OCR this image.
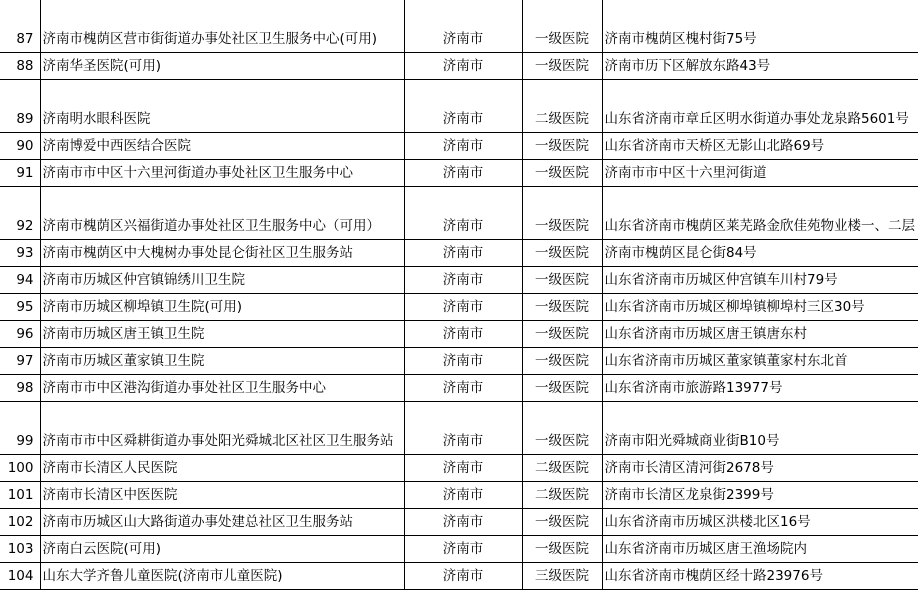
87	济南市槐荫区营市街街道办事处社区卫生服务中心(可用)	济南市	一级医院	济南市槐荫区槐村街75号
88	济南华圣医院(可用)	济南市	一级医院	济南市历下区解放东路43号
89	济南明水眼科医院	济南市	二级医院	山东省济南市章丘区明水街道办事处龙泉路5601号
90	济南博爱中西医结合医院	济南市	一级医院	山东省济南市天桥区无影山北路69号
91	济南市市中区十六里河街道办事处社区卫生服务中心	济南市	一级医院	济南市市中区十六里河街道
92	济南市槐荫区兴福街道办事处社区卫生服务中心（可用）	济南市	一级医院	山东省济南市槐荫区莱芜路金欣佳苑物业楼一、二层
93	济南市槐荫区中大槐树办事处昆仑街社区卫生服务站	济南市	一级医院	济南市槐荫区昆仑街84号
94	济南市历城区仲宫镇锦绣川卫生院	济南市	一级医院	山东省济南市历城区仲宫镇车川村79号
95	济南市历城区柳埠镇卫生院(可用)	济南市	一级医院	山东省济南市历城区柳埠镇柳埠村三区30号
96	济南市历城区唐王镇卫生院	济南市	一级医院	山东省济南市历城区唐王镇唐东村
97	济南市历城区董家镇卫生院	济南市	一级医院	山东省济南市历城区董家镇董家村东北首
98	济南市市中区港沟街道办事处社区卫生服务中心	济南市	一级医院	山东省济南市旅游路13977号
99	济南市市中区舜耕街道办事处阳光舜城北区社区卫生服务站	济南市	一级医院	济南市阳光舜城商业街B10号
100	济南市长清区人民医院	济南市	二级医院	济南市长清区清河街2678号
101	济南市长清区中医医院	济南市	二级医院	济南市长清区龙泉街2399号
102	济南市历城区山大路街道办事处建总社区卫生服务站	济南市	一级医院	山东省济南市历城区洪楼北区16号
103	济南白云医院(可用)	济南市	一级医院	山东省济南市历城区唐王渔场院内
104	山东大学齐鲁儿童医院(济南市儿童医院)	济南市	三级医院	山东省济南市槐荫区经十路23976号
